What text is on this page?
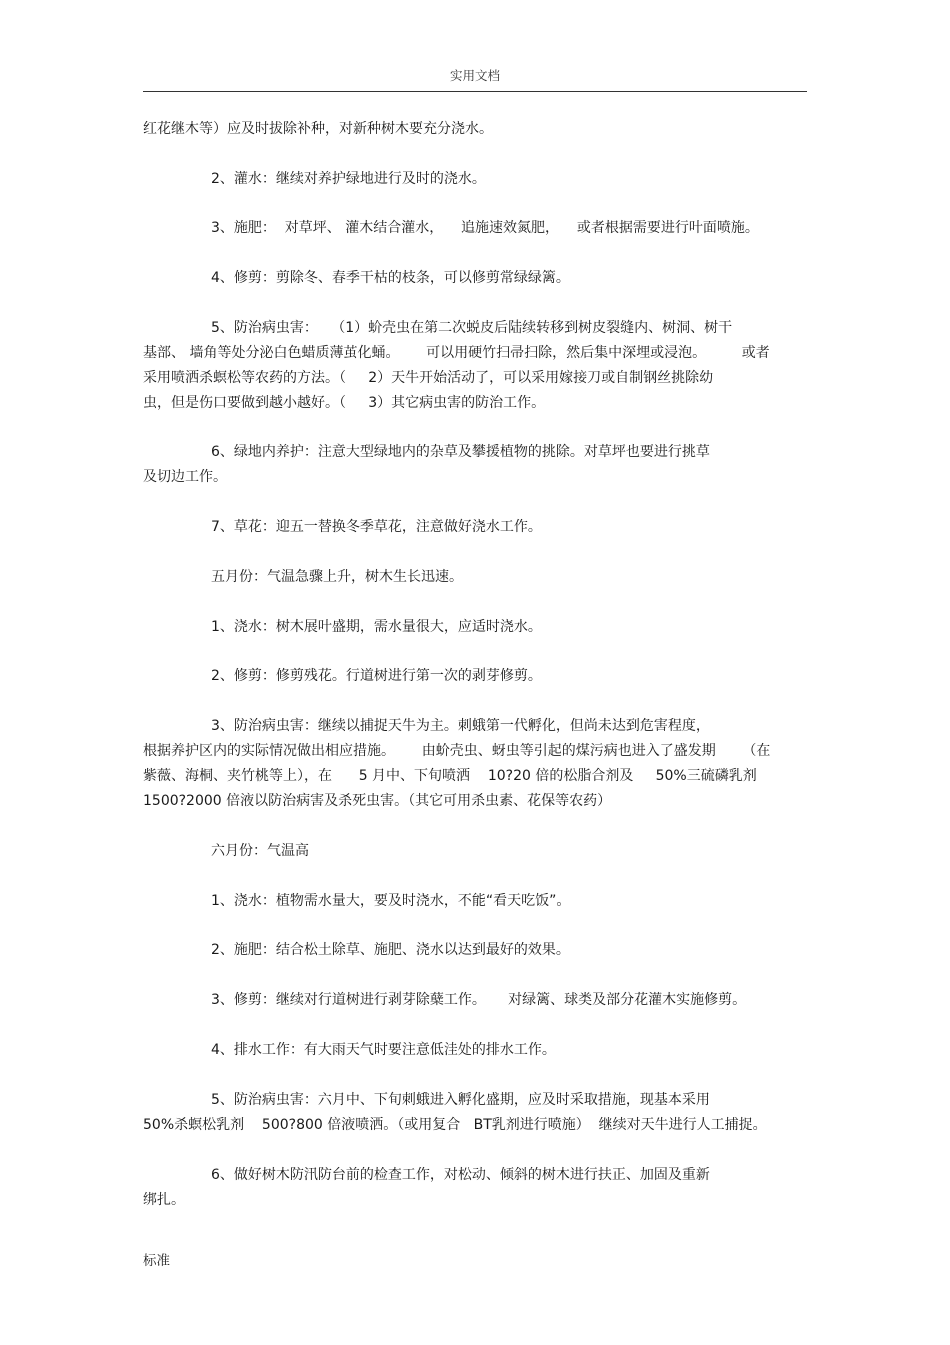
实用文档
红花继木等）应及时拔除补种，对新种树木要充分浇水。
2、灌水：继续对养护绿地进行及时的浇水。
3、施肥：  对草坪、 灌木结合灌水，    追施速效氮肥，    或者根据需要进行叶面喷施。
4、修剪：剪除冬、春季干枯的枝条，可以修剪常绿绿篱。
5、防治病虫害：   （1）蚧壳虫在第二次蜕皮后陆续转移到树皮裂缝内、树洞、树干
基部、 墙角等处分泌白色蜡质薄茧化蛹。      可以用硬竹扫帚扫除，然后集中深埋或浸泡。        或者
采用喷洒杀螟松等农药的方法。（     2）天牛开始活动了，可以采用嫁接刀或自制钢丝挑除幼
虫，但是伤口要做到越小越好。（     3）其它病虫害的防治工作。
6、绿地内养护：注意大型绿地内的杂草及攀援植物的挑除。对草坪也要进行挑草
及切边工作。
7、草花：迎五一替换冬季草花，注意做好浇水工作。
五月份：气温急骤上升，树木生长迅速。
1、浇水：树木展叶盛期，需水量很大，应适时浇水。
2、修剪：修剪残花。行道树进行第一次的剥芽修剪。
3、防治病虫害：继续以捕捉天牛为主。刺蛾第一代孵化，但尚未达到危害程度，
根据养护区内的实际情况做出相应措施。      由蚧壳虫、蚜虫等引起的煤污病也进入了盛发期      （在
紫薇、海桐、夹竹桃等上），在      5 月中、下旬喷洒    10?20 倍的松脂合剂及     50%三硫磷乳剂
1500?2000 倍液以防治病害及杀死虫害。（其它可用杀虫素、花保等农药）
六月份：气温高
1、浇水：植物需水量大，要及时浇水，不能“看天吃饭”。
2、施肥：结合松土除草、施肥、浇水以达到最好的效果。
3、修剪：继续对行道树进行剥芽除蘖工作。     对绿篱、球类及部分花灌木实施修剪。
4、排水工作：有大雨天气时要注意低洼处的排水工作。
5、防治病虫害：六月中、下旬刺蛾进入孵化盛期，应及时采取措施，现基本采用
50%杀螟松乳剂    500?800 倍液喷洒。（或用复合   BT乳剂进行喷施）  继续对天牛进行人工捕捉。
6、做好树木防汛防台前的检查工作，对松动、倾斜的树木进行扶正、加固及重新
绑扎。
标准
